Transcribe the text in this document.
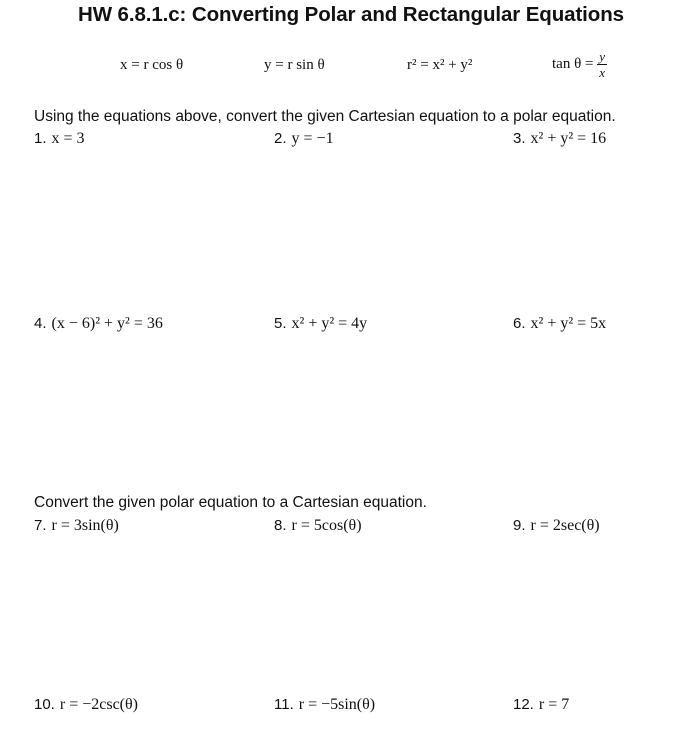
HW 6.8.1.c: Converting Polar and Rectangular Equations
x = r cos θ	y = r sin θ	r² = x² + y²	$\tan \theta = \frac{y}{x}$
Using the equations above, convert the given Cartesian equation to a polar equation.
1. x = 3	2. y = −1	3. x² + y² = 16
4. (x − 6)² + y² = 36	5. x² + y² = 4y	6. x² + y² = 5x
Convert the given polar equation to a Cartesian equation.
7. r = 3sin(θ)	8. r = 5cos(θ)	9. r = 2sec(θ)
10. r = −2csc(θ)	11. r = −5sin(θ)	12. r = 7
